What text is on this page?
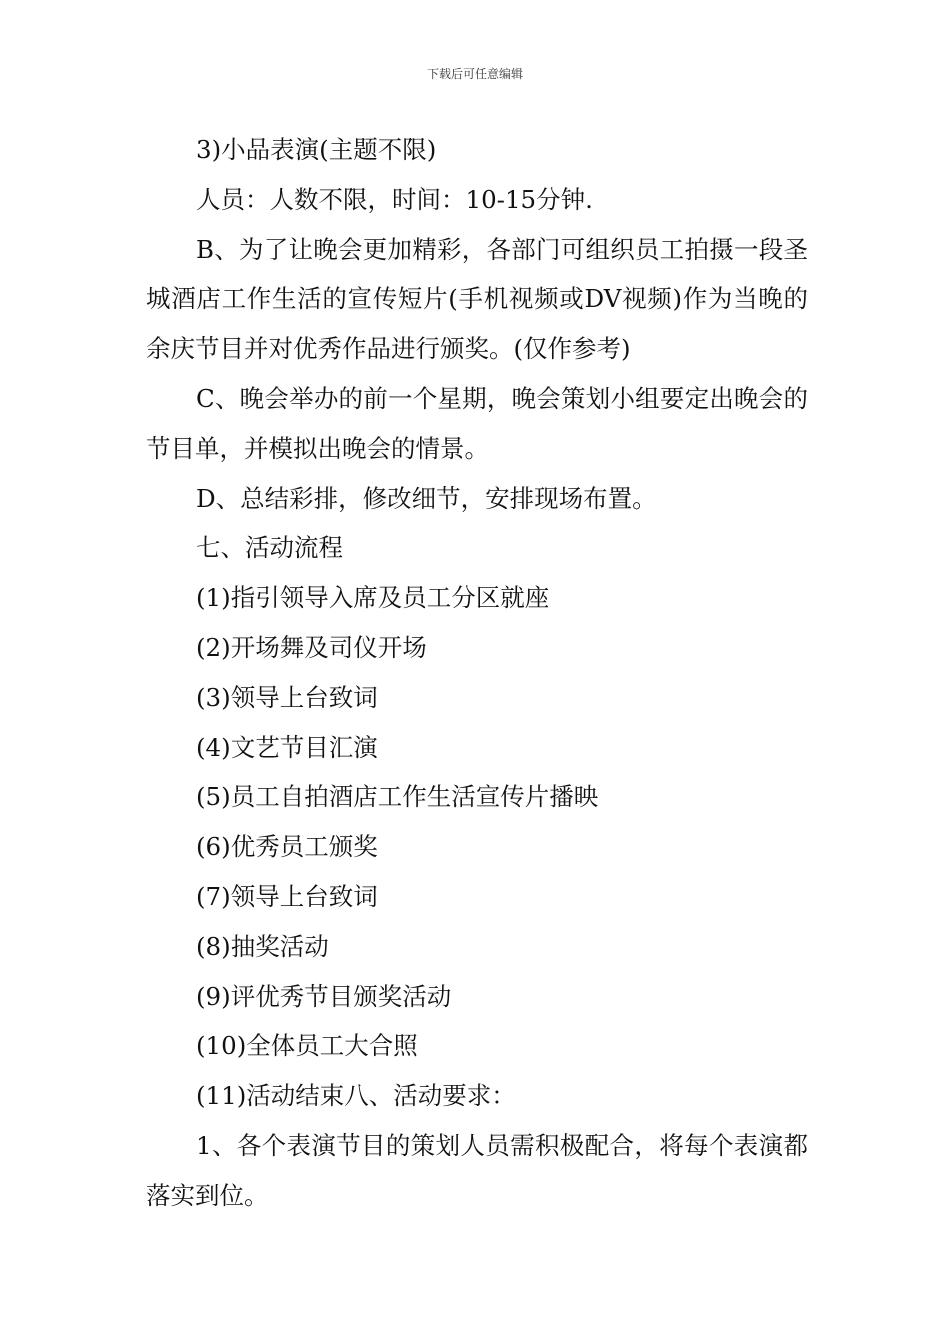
下载后可任意编辑

3)小品表演(主题不限)

人员：人数不限，时间：10-15分钟.

B、为了让晚会更加精彩，各部门可组织员工拍摄一段圣城酒店工作生活的宣传短片(手机视频或DV视频)作为当晚的余庆节目并对优秀作品进行颁奖。(仅作参考)

C、晚会举办的前一个星期，晚会策划小组要定出晚会的节目单，并模拟出晚会的情景。

D、总结彩排，修改细节，安排现场布置。

七、活动流程

(1)指引领导入席及员工分区就座

(2)开场舞及司仪开场

(3)领导上台致词

(4)文艺节目汇演

(5)员工自拍酒店工作生活宣传片播映

(6)优秀员工颁奖

(7)领导上台致词

(8)抽奖活动

(9)评优秀节目颁奖活动

(10)全体员工大合照

(11)活动结束八、活动要求：

1、各个表演节目的策划人员需积极配合，将每个表演都落实到位。
